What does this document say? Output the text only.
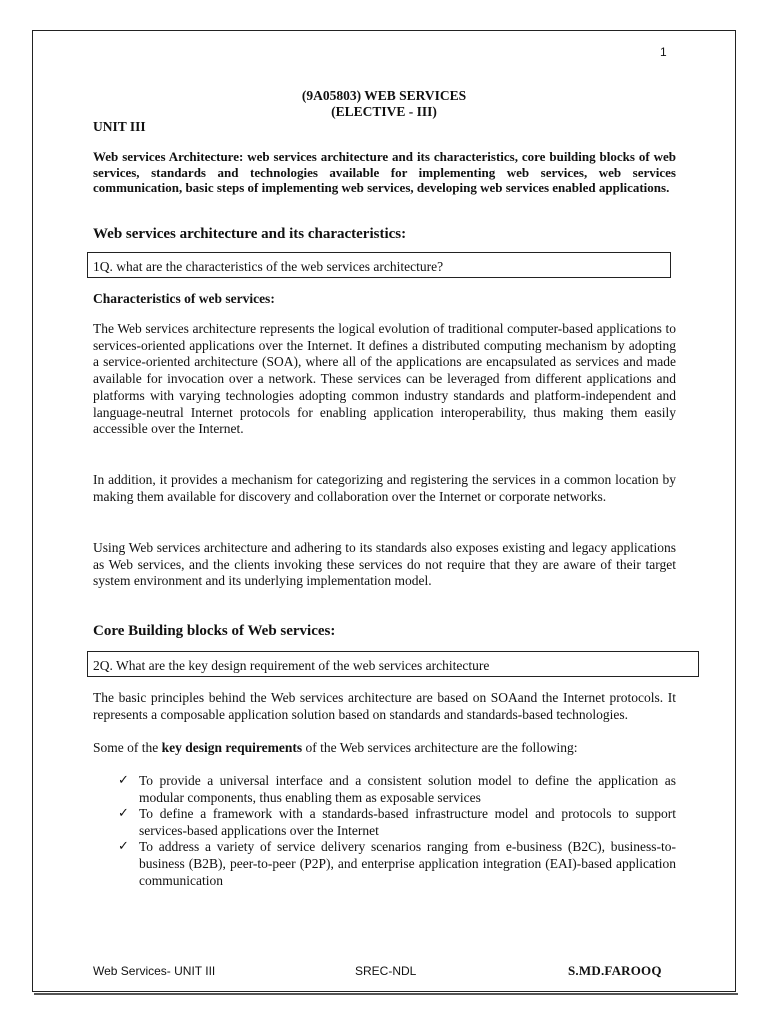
1
(9A05803) WEB SERVICES
(ELECTIVE - III)
UNIT III
Web services Architecture: web services architecture and its characteristics, core building blocks of web services, standards and technologies available for implementing web services, web services communication, basic steps of implementing web services, developing web services enabled applications.
Web services architecture and its characteristics:
1Q. what are the characteristics of the web services architecture?
Characteristics of web services:
The Web services architecture represents the logical evolution of traditional computer-based applications to services-oriented applications over the Internet. It defines a distributed computing mechanism by adopting a service-oriented architecture (SOA), where all of the applications are encapsulated as services and made available for invocation over a network. These services can be leveraged from different applications and platforms with varying technologies adopting common industry standards and platform-independent and language-neutral Internet protocols for enabling application interoperability, thus making them easily accessible over the Internet.
In addition, it provides a mechanism for categorizing and registering the services in a common location by making them available for discovery and collaboration over the Internet or corporate networks.
Using Web services architecture and adhering to its standards also exposes existing and legacy applications as Web services, and the clients invoking these services do not require that they are aware of their target system environment and its underlying implementation model.
Core Building blocks of Web services:
2Q. What are the key design requirement of the web services architecture
The basic principles behind the Web services architecture are based on SOAand the Internet protocols. It represents a composable application solution based on standards and standards-based technologies.
Some of the key design requirements of the Web services architecture are the following:
✓ To provide a universal interface and a consistent solution model to define the application as modular components, thus enabling them as exposable services
✓ To define a framework with a standards-based infrastructure model and protocols to support services-based applications over the Internet
✓ To address a variety of service delivery scenarios ranging from e-business (B2C), business-to-business (B2B), peer-to-peer (P2P), and enterprise application integration (EAI)-based application communication
Web Services- UNIT III	SREC-NDL	S.MD.FAROOQ
